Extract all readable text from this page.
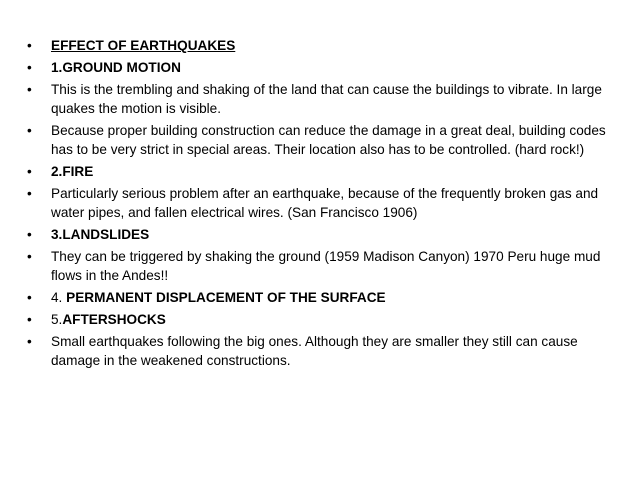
•	EFFECT OF EARTHQUAKES
•	1.GROUND MOTION
•	This is the trembling and shaking of the land that can cause the buildings to vibrate. In large quakes the motion is visible.
•	Because proper building construction can reduce the damage in a great deal, building codes has to be very strict in special areas. Their location also has to be controlled. (hard rock!)
•	2.FIRE
•	Particularly serious problem after an earthquake, because of the frequently broken gas and water pipes, and fallen electrical wires. (San Francisco 1906)
•	3.LANDSLIDES
•	They can be triggered by shaking the ground (1959 Madison Canyon) 1970 Peru huge mud flows in the Andes!!
•	4. PERMANENT DISPLACEMENT OF THE SURFACE
•	5.AFTERSHOCKS
•	Small earthquakes following the big ones. Although they are smaller they still can cause damage in the weakened constructions.
